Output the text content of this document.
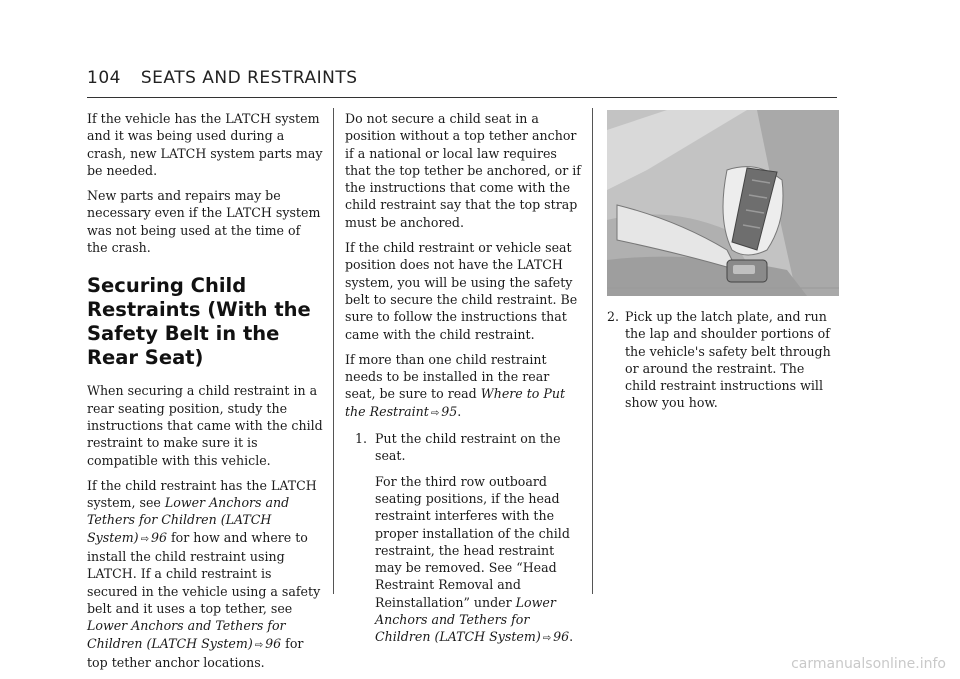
104 SEATS AND RESTRAINTS

If the vehicle has the LATCH system and it was being used during a crash, new LATCH system parts may be needed.

New parts and repairs may be necessary even if the LATCH system was not being used at the time of the crash.

Securing Child Restraints (With the Safety Belt in the Rear Seat)

When securing a child restraint in a rear seating position, study the instructions that came with the child restraint to make sure it is compatible with this vehicle.

If the child restraint has the LATCH system, see Lower Anchors and Tethers for Children (LATCH System) ⇨ 96 for how and where to install the child restraint using LATCH. If a child restraint is secured in the vehicle using a safety belt and it uses a top tether, see Lower Anchors and Tethers for Children (LATCH System) ⇨ 96 for top tether anchor locations.

Do not secure a child seat in a position without a top tether anchor if a national or local law requires that the top tether be anchored, or if the instructions that come with the child restraint say that the top strap must be anchored.

If the child restraint or vehicle seat position does not have the LATCH system, you will be using the safety belt to secure the child restraint. Be sure to follow the instructions that came with the child restraint.

If more than one child restraint needs to be installed in the rear seat, be sure to read Where to Put the Restraint ⇨ 95.

1. Put the child restraint on the seat.

For the third row outboard seating positions, if the head restraint interferes with the proper installation of the child restraint, the head restraint may be removed. See “Head Restraint Removal and Reinstallation” under Lower Anchors and Tethers for Children (LATCH System) ⇨ 96.

2. Pick up the latch plate, and run the lap and shoulder portions of the vehicle's safety belt through or around the restraint. The child restraint instructions will show you how.
carmanualsonline.info
